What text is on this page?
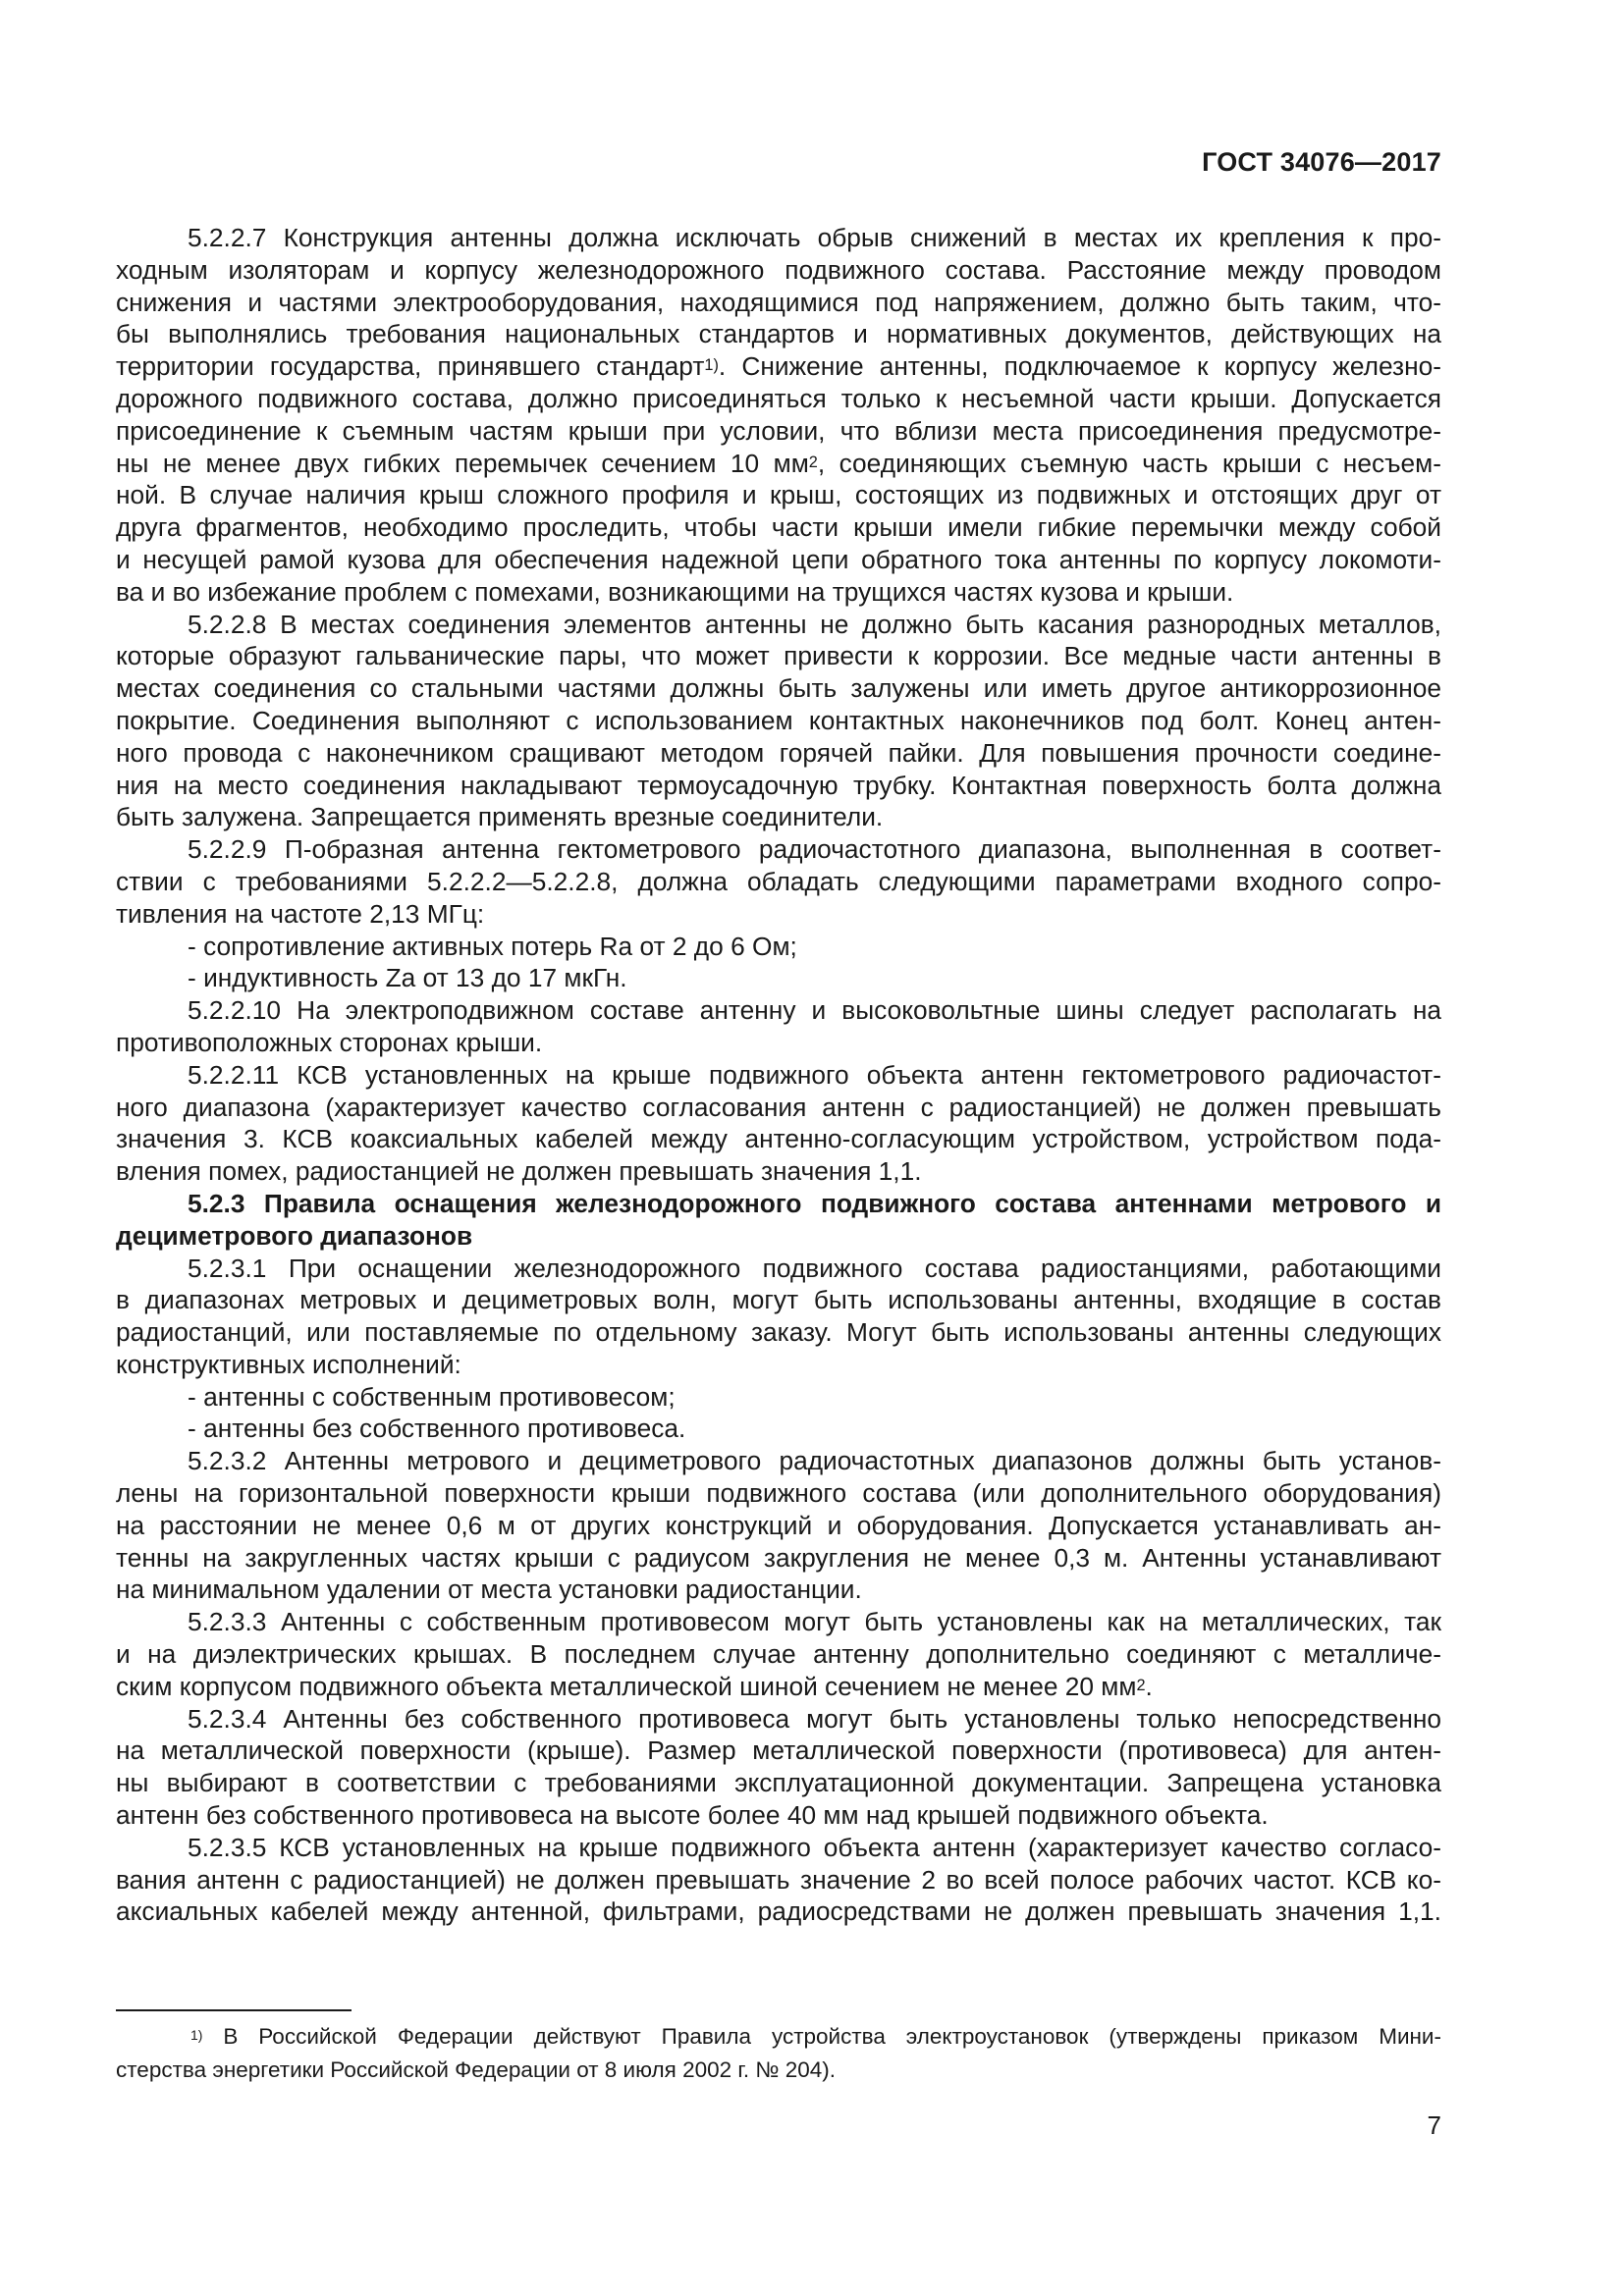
ГОСТ 34076—2017
5.2.2.7 Конструкция антенны должна исключать обрыв снижений в местах их крепления к про-
ходным изоляторам и корпусу железнодорожного подвижного состава. Расстояние между проводом
снижения и частями электрооборудования, находящимися под напряжением, должно быть таким, что-
бы выполнялись требования национальных стандартов и нормативных документов, действующих на
территории государства, принявшего стандарт$^{1)}$. Снижение антенны, подключаемое к корпусу железно-
дорожного подвижного состава, должно присоединяться только к несъемной части крыши. Допускается
присоединение к съемным частям крыши при условии, что вблизи места присоединения предусмотре-
ны не менее двух гибких перемычек сечением 10 $мм^2$, соединяющих съемную часть крыши с несъем-
ной. В случае наличия крыш сложного профиля и крыш, состоящих из подвижных и отстоящих друг от
друга фрагментов, необходимо проследить, чтобы части крыши имели гибкие перемычки между собой
и несущей рамой кузова для обеспечения надежной цепи обратного тока антенны по корпусу локомоти-
ва и во избежание проблем с помехами, возникающими на трущихся частях кузова и крыши.
5.2.2.8 В местах соединения элементов антенны не должно быть касания разнородных металлов,
которые образуют гальванические пары, что может привести к коррозии. Все медные части антенны в
местах соединения со стальными частями должны быть залужены или иметь другое антикоррозионное
покрытие. Соединения выполняют с использованием контактных наконечников под болт. Конец антен-
ного провода с наконечником сращивают методом горячей пайки. Для повышения прочности соедине-
ния на место соединения накладывают термоусадочную трубку. Контактная поверхность болта должна
быть залужена. Запрещается применять врезные соединители.
5.2.2.9 П-образная антенна гектометрового радиочастотного диапазона, выполненная в соответ-
ствии с требованиями 5.2.2.2—5.2.2.8, должна обладать следующими параметрами входного сопро-
тивления на частоте 2,13 МГц:
- сопротивление активных потерь Ra от 2 до 6 Ом;
- индуктивность Za от 13 до 17 мкГн.
5.2.2.10 На электроподвижном составе антенну и высоковольтные шины следует располагать на
противоположных сторонах крыши.
5.2.2.11 КСВ установленных на крыше подвижного объекта антенн гектометрового радиочастот-
ного диапазона (характеризует качество согласования антенн с радиостанцией) не должен превышать
значения 3. КСВ коаксиальных кабелей между антенно-согласующим устройством, устройством пода-
вления помех, радиостанцией не должен превышать значения 1,1.
5.2.3 Правила оснащения железнодорожного подвижного состава антеннами метрового и
дециметрового диапазонов
5.2.3.1 При оснащении железнодорожного подвижного состава радиостанциями, работающими
в диапазонах метровых и дециметровых волн, могут быть использованы антенны, входящие в состав
радиостанций, или поставляемые по отдельному заказу. Могут быть использованы антенны следующих
конструктивных исполнений:
- антенны с собственным противовесом;
- антенны без собственного противовеса.
5.2.3.2 Антенны метрового и дециметрового радиочастотных диапазонов должны быть установ-
лены на горизонтальной поверхности крыши подвижного состава (или дополнительного оборудования)
на расстоянии не менее 0,6 м от других конструкций и оборудования. Допускается устанавливать ан-
тенны на закругленных частях крыши с радиусом закругления не менее 0,3 м. Антенны устанавливают
на минимальном удалении от места установки радиостанции.
5.2.3.3 Антенны с собственным противовесом могут быть установлены как на металлических, так
и на диэлектрических крышах. В последнем случае антенну дополнительно соединяют с металличе-
ским корпусом подвижного объекта металлической шиной сечением не менее 20 $мм^2$.
5.2.3.4 Антенны без собственного противовеса могут быть установлены только непосредственно
на металлической поверхности (крыше). Размер металлической поверхности (противовеса) для антен-
ны выбирают в соответствии с требованиями эксплуатационной документации. Запрещена установка
антенн без собственного противовеса на высоте более 40 мм над крышей подвижного объекта.
5.2.3.5 КСВ установленных на крыше подвижного объекта антенн (характеризует качество согласо-
вания антенн с радиостанцией) не должен превышать значение 2 во всей полосе рабочих частот. КСВ ко-
аксиальных кабелей между антенной, фильтрами, радиосредствами не должен превышать значения 1,1.
$^{1)}$ В Российской Федерации действуют Правила устройства электроустановок (утверждены приказом Мини-
стерства энергетики Российской Федерации от 8 июля 2002 г. № 204).
7
